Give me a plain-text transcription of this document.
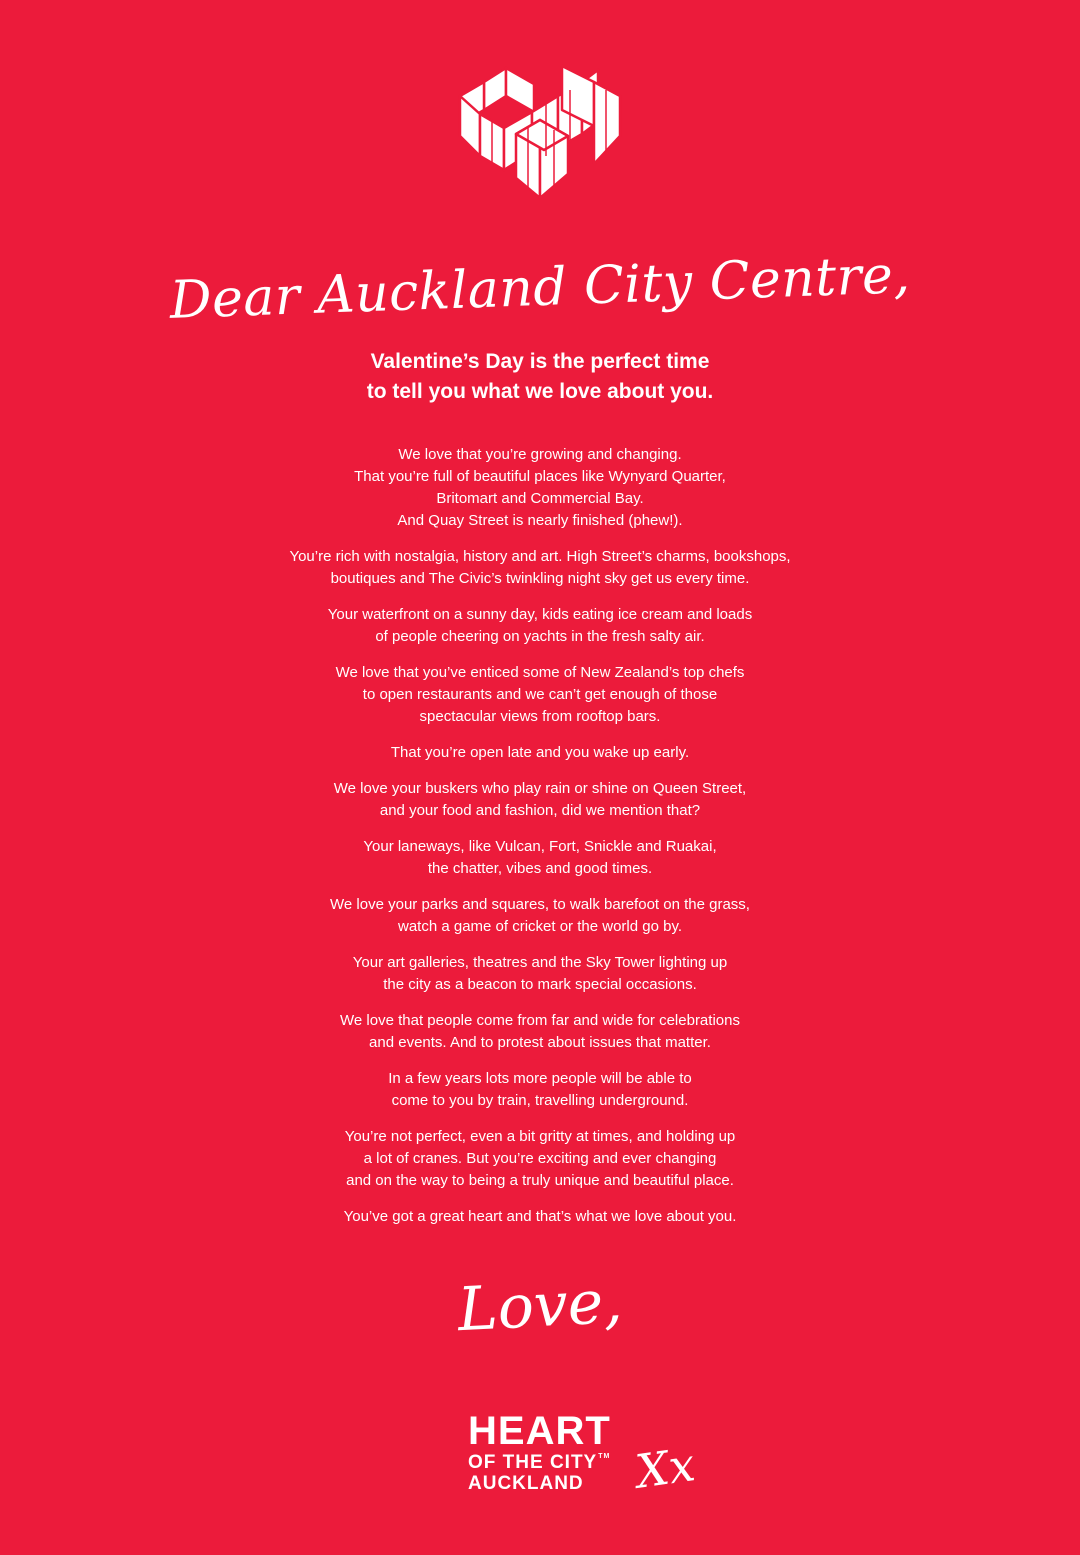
Dear Auckland City Centre,
Valentine’s Day is the perfect time
to tell you what we love about you.
We love that you’re growing and changing.
That you’re full of beautiful places like Wynyard Quarter,
Britomart and Commercial Bay.
And Quay Street is nearly finished (phew!).
You’re rich with nostalgia, history and art. High Street’s charms, bookshops,
boutiques and The Civic’s twinkling night sky get us every time.
Your waterfront on a sunny day, kids eating ice cream and loads
of people cheering on yachts in the fresh salty air.
We love that you’ve enticed some of New Zealand’s top chefs
to open restaurants and we can’t get enough of those
spectacular views from rooftop bars.
That you’re open late and you wake up early.
We love your buskers who play rain or shine on Queen Street,
and your food and fashion, did we mention that?
Your laneways, like Vulcan, Fort, Snickle and Ruakai,
the chatter, vibes and good times.
We love your parks and squares, to walk barefoot on the grass,
watch a game of cricket or the world go by.
Your art galleries, theatres and the Sky Tower lighting up
the city as a beacon to mark special occasions.
We love that people come from far and wide for celebrations
and events. And to protest about issues that matter.
In a few years lots more people will be able to
come to you by train, travelling underground.
You’re not perfect, even a bit gritty at times, and holding up
a lot of cranes. But you’re exciting and ever changing
and on the way to being a truly unique and beautiful place.
You’ve got a great heart and that’s what we love about you.
Love,
HEART
OF THE CITY™
AUCKLAND	Xx
